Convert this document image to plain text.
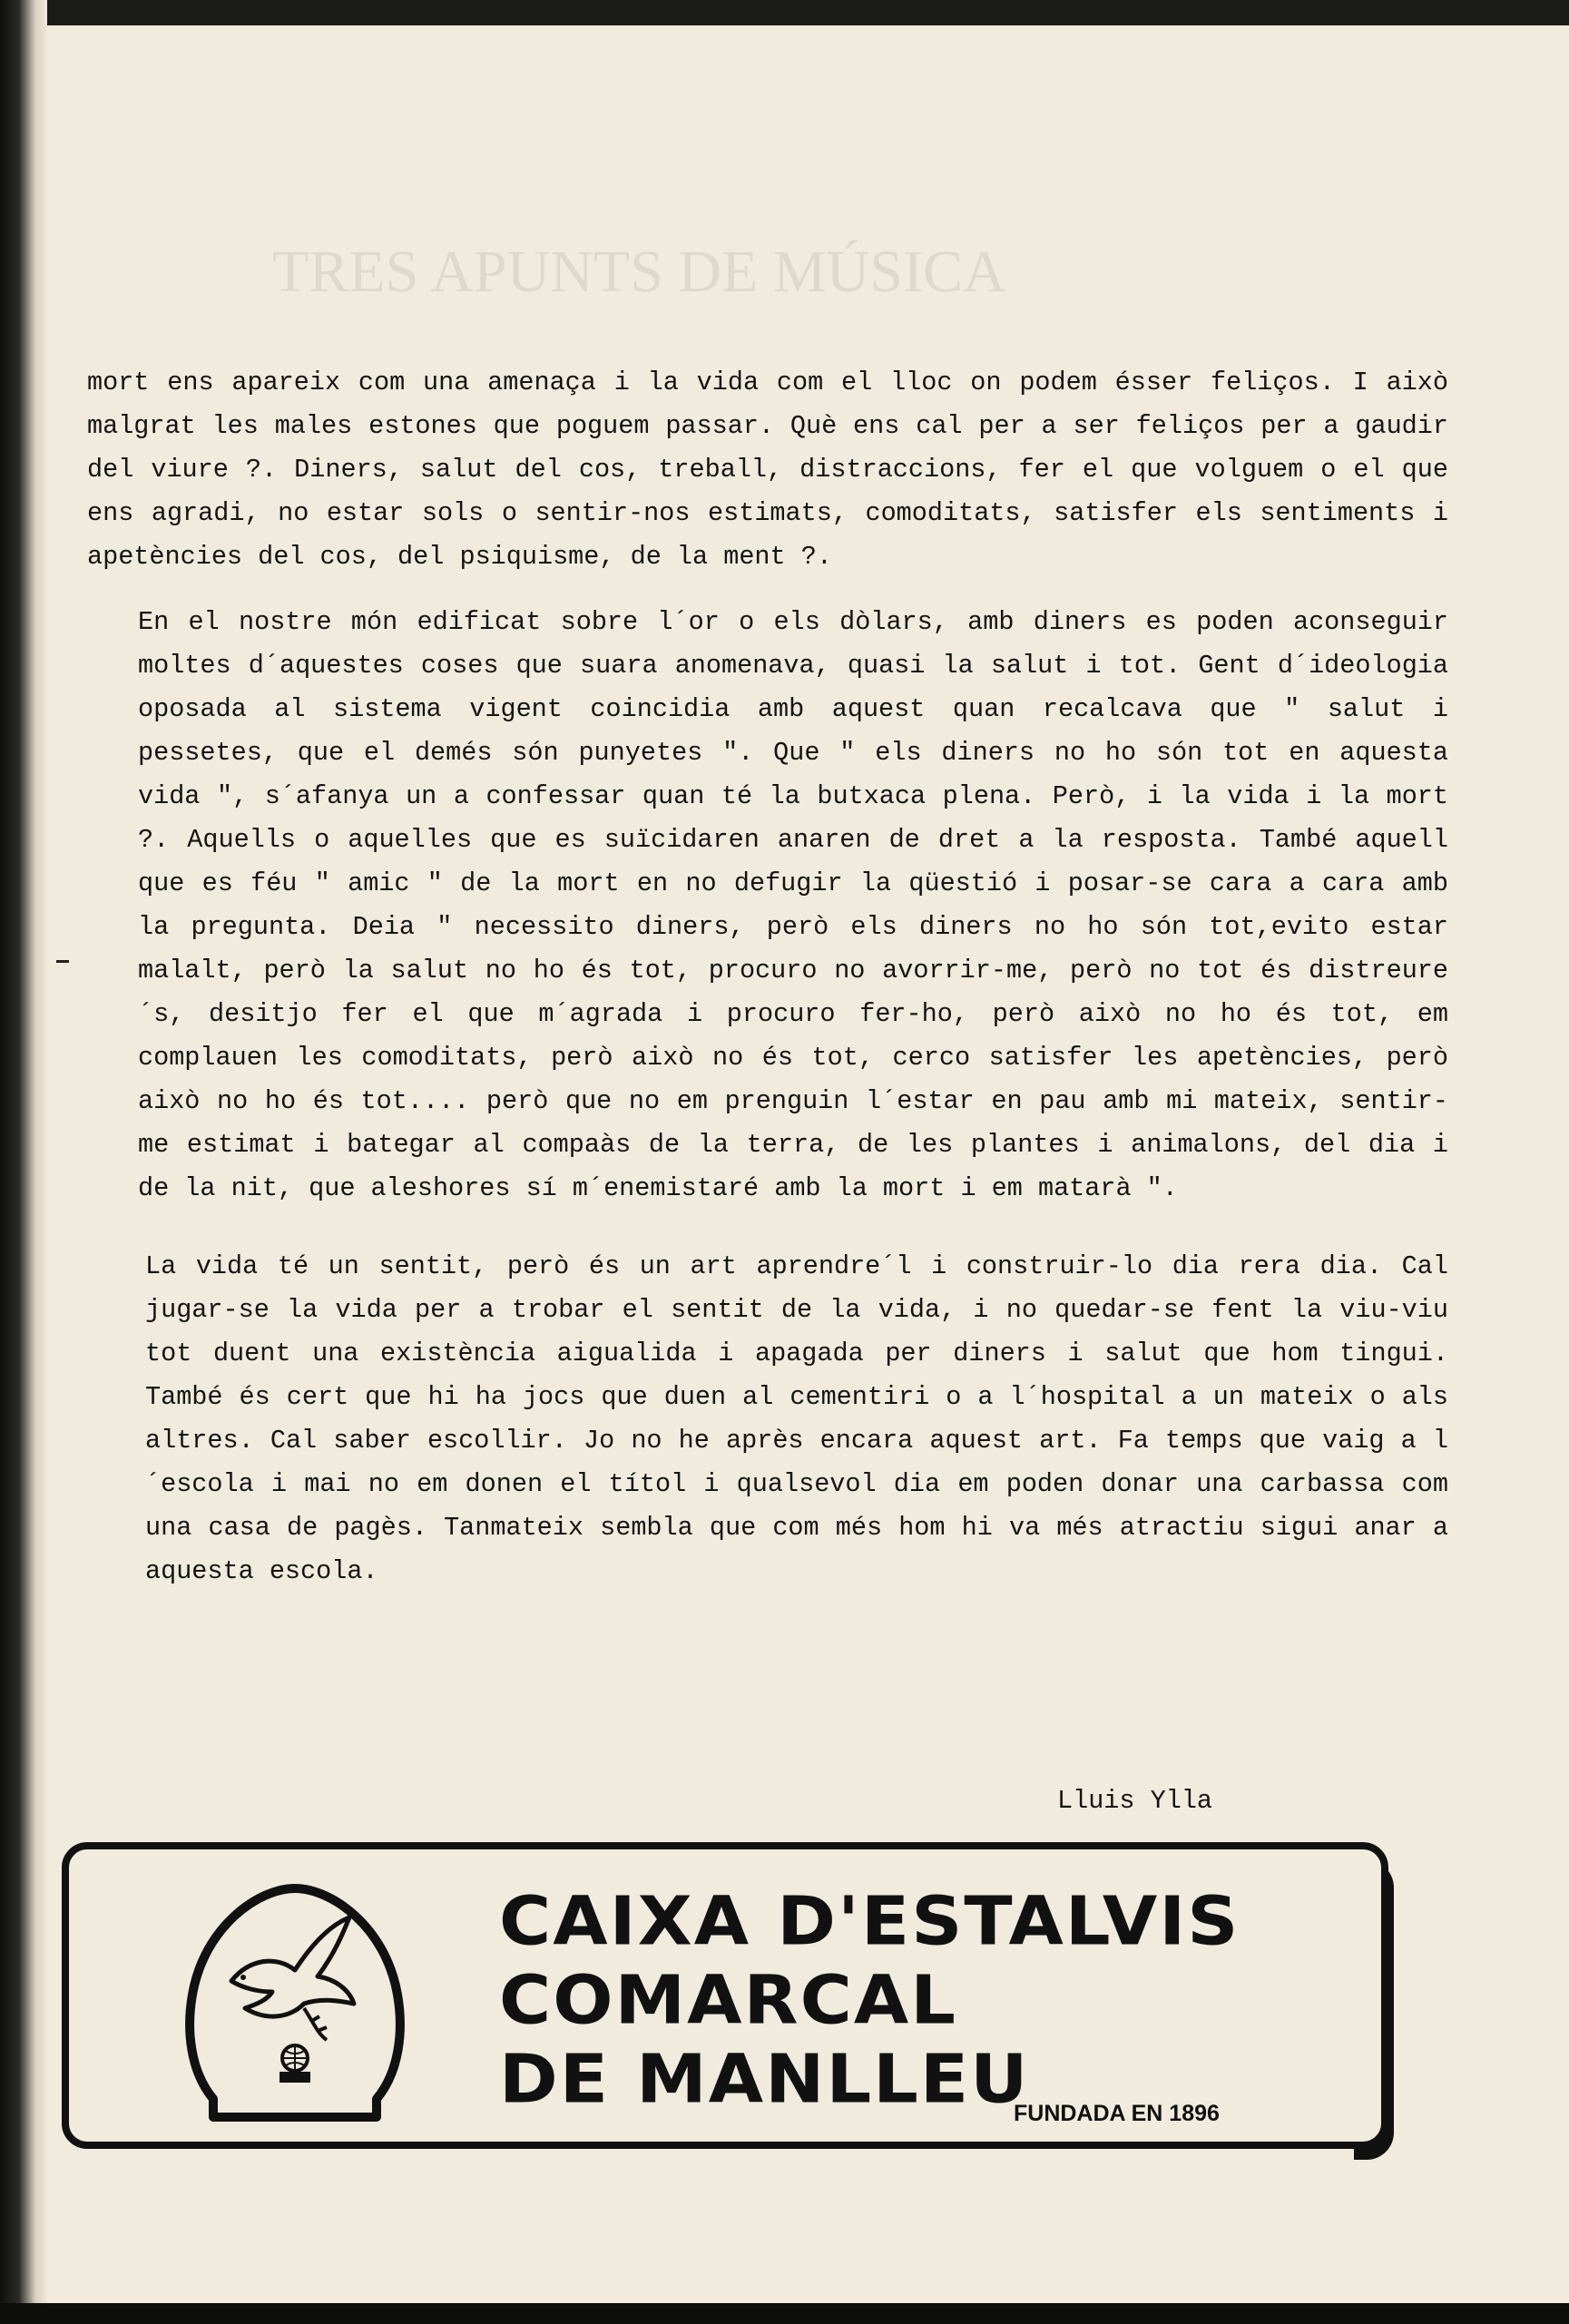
TRES APUNTS DE MÚSICA

mort ens apareix com una amenaça i la vida com el lloc on podem ésser feliços. I això malgrat les males estones que poguem passar. Què ens cal per a ser feliços per a gaudir del viure ?. Diners, salut del cos, treball, distraccions, fer el que volguem o el que ens agradi, no estar sols o sentir-nos estimats, comoditats, satisfer els sentiments i apetències del cos, del psiquisme, de la ment ?.

En el nostre món edificat sobre l´or o els dòlars, amb diners es poden aconseguir moltes d´aquestes coses que suara anomenava, quasi la salut i tot. Gent d´ideologia oposada al sistema vigent coincidia amb aquest quan recalcava que " salut i pessetes, que el demés són punyetes ". Que " els diners no ho són tot en aquesta vida ", s´afanya un a confessar quan té la butxaca plena. Però, i la vida i la mort ?. Aquells o aquelles que es suïcidaren anaren de dret a la resposta. També aquell que es féu " amic " de la mort en no defugir la qüestió i posar-se cara a cara amb la pregunta. Deia " necessito diners, però els diners no ho són tot,evito estar malalt, però la salut no ho és tot, procuro no avorrir-me, però no tot és distreure´s, desitjo fer el que m´agrada i procuro fer-ho, però això no ho és tot, em complauen les comoditats, però això no és tot, cerco satisfer les apetències, però això no ho és tot.... però que no em prenguin l´estar en pau amb mi mateix, sentir-me estimat i bategar al compaàs de la terra, de les plantes i animalons, del dia i de la nit, que aleshores sí m´enemistaré amb la mort i em matarà ".

La vida té un sentit, però és un art aprendre´l i construir-lo dia rera dia. Cal jugar-se la vida per a trobar el sentit de la vida, i no quedar-se fent la viu-viu tot duent una existència aigualida i apagada per diners i salut que hom tingui. També és cert que hi ha jocs que duen al cementiri o a l´hospital a un mateix o als altres. Cal saber escollir. Jo no he après encara aquest art. Fa temps que vaig a l´escola i mai no em donen el títol i qualsevol dia em poden donar una carbassa com una casa de pagès. Tanmateix sembla que com més hom hi va més atractiu sigui anar a aquesta escola.

Lluis Ylla
CAIXA D'ESTALVIS
COMARCAL
DE MANLLEU
FUNDADA EN 1896
